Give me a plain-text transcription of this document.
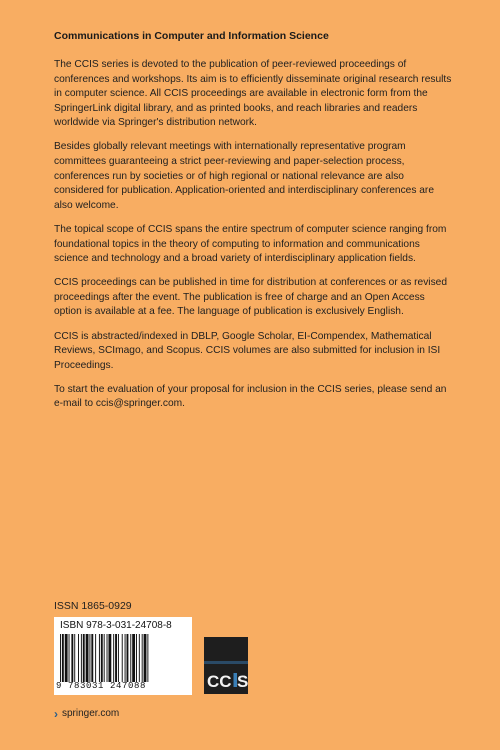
Communications in Computer and Information Science

The CCIS series is devoted to the publication of peer-reviewed proceedings of conferences and workshops. Its aim is to efficiently disseminate original research results in computer science. All CCIS proceedings are available in electronic form from the SpringerLink digital library, and as printed books, and reach libraries and readers worldwide via Springer's distribution network.

Besides globally relevant meetings with internationally representative program committees guaranteeing a strict peer-reviewing and paper-selection process, conferences run by societies or of high regional or national relevance are also considered for publication. Application-oriented and interdisciplinary conferences are also welcome.

The topical scope of CCIS spans the entire spectrum of computer science ranging from foundational topics in the theory of computing to information and communications science and technology and a broad variety of interdisciplinary application fields.

CCIS proceedings can be published in time for distribution at conferences or as revised proceedings after the event. The publication is free of charge and an Open Access option is available at a fee. The language of publication is exclusively English.

CCIS is abstracted/indexed in DBLP, Google Scholar, EI-Compendex, Mathematical Reviews, SCImago, and Scopus. CCIS volumes are also submitted for inclusion in ISI Proceedings.

To start the evaluation of your proposal for inclusion in the CCIS series, please send an e-mail to ccis@springer.com.

ISSN 1865-0929
ISBN 978-3-031-24708-8
9 783031 247088	CC S
› springer.com
